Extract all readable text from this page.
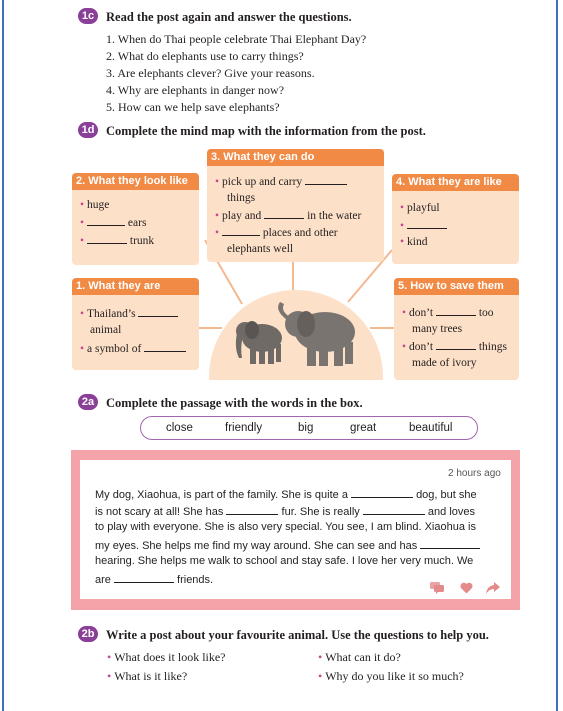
1c Read the post again and answer the questions.
1. When do Thai people celebrate Thai Elephant Day?
2. What do elephants use to carry things?
3. Are elephants clever? Give your reasons.
4. Why are elephants in danger now?
5. How can we help save elephants?
1d Complete the mind map with the information from the post.
2. What they look like
• huge
•	ears
•	trunk
3. What they can do
• pick up and carry
things
• play and	in the water
•	places and other
elephants well
4. What they are like
• playful
•
• kind
1. What they are
• Thailand’s
animal
• a symbol of
5. How to save them
• don’t	too
many trees
• don’t	things
made of ivory
2a Complete the passage with the words in the box.
close	friendly	big	great	beautiful
2 hours ago
My dog, Xiaohua, is part of the family. She is quite a	dog, but she
is not scary at all! She has	fur. She is really	and loves
to play with everyone. She is also very special. You see, I am blind. Xiaohua is
my eyes. She helps me find my way around. She can see and has
hearing. She helps me walk to school and stay safe. I love her very much. We
are	friends.
2b Write a post about your favourite animal. Use the questions to help you.
• What does it look like?	• What can it do?
• What is it like?	• Why do you like it so much?
